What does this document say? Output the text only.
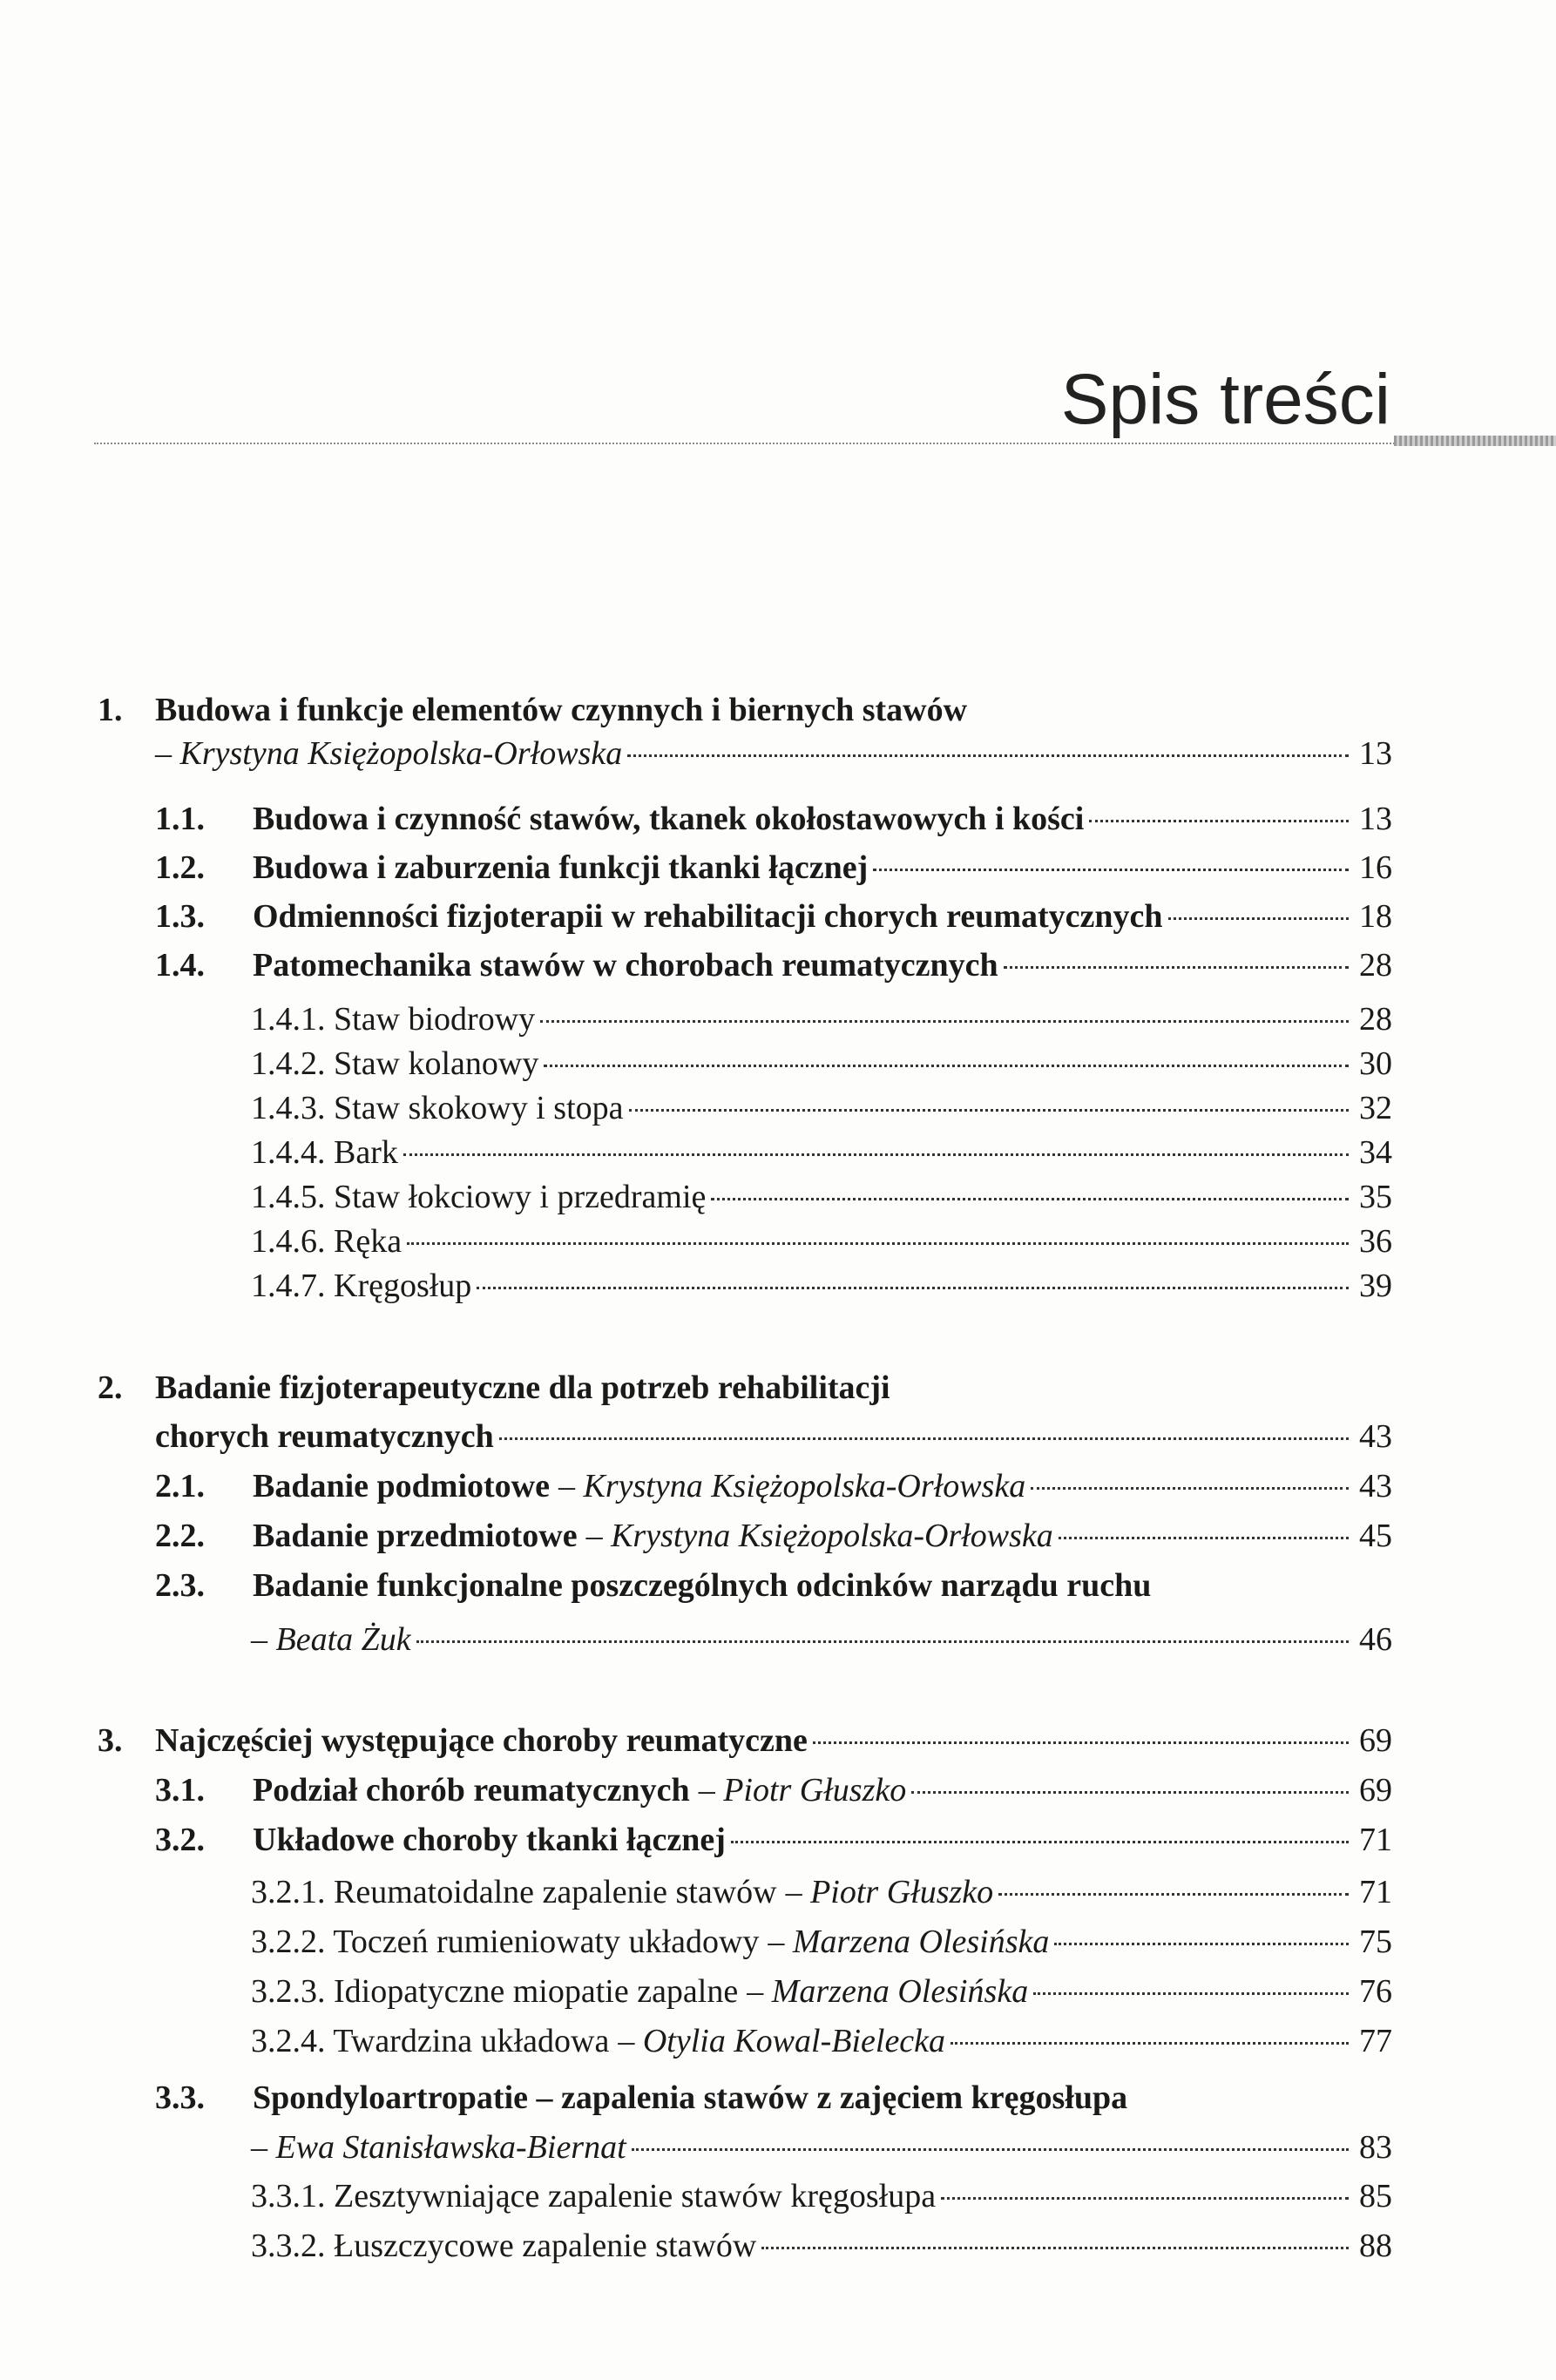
Spis treści
1. Budowa i funkcje elementów czynnych i biernych stawów
– Krystyna Księżopolska-Orłowska	13
1.1.	Budowa i czynność stawów, tkanek okołostawowych i kości	13
1.2.	Budowa i zaburzenia funkcji tkanki łącznej	16
1.3.	Odmienności fizjoterapii w rehabilitacji chorych reumatycznych	18
1.4.	Patomechanika stawów w chorobach reumatycznych	28
1.4.1. Staw biodrowy	28
1.4.2. Staw kolanowy	30
1.4.3. Staw skokowy i stopa	32
1.4.4. Bark	34
1.4.5. Staw łokciowy i przedramię	35
1.4.6. Ręka	36
1.4.7. Kręgosłup	39
2. Badanie fizjoterapeutyczne dla potrzeb rehabilitacji
chorych reumatycznych	43
2.1.	Badanie podmiotowe – Krystyna Księżopolska-Orłowska	43
2.2.	Badanie przedmiotowe – Krystyna Księżopolska-Orłowska	45
2.3.	Badanie funkcjonalne poszczególnych odcinków narządu ruchu
– Beata Żuk	46
3. Najczęściej występujące choroby reumatyczne	69
3.1.	Podział chorób reumatycznych – Piotr Głuszko	69
3.2.	Układowe choroby tkanki łącznej	71
3.2.1. Reumatoidalne zapalenie stawów – Piotr Głuszko	71
3.2.2. Toczeń rumieniowaty układowy – Marzena Olesińska	75
3.2.3. Idiopatyczne miopatie zapalne – Marzena Olesińska	76
3.2.4. Twardzina układowa – Otylia Kowal-Bielecka	77
3.3.	Spondyloartropatie – zapalenia stawów z zajęciem kręgosłupa
– Ewa Stanisławska-Biernat	83
3.3.1. Zesztywniające zapalenie stawów kręgosłupa	85
3.3.2. Łuszczycowe zapalenie stawów	88
